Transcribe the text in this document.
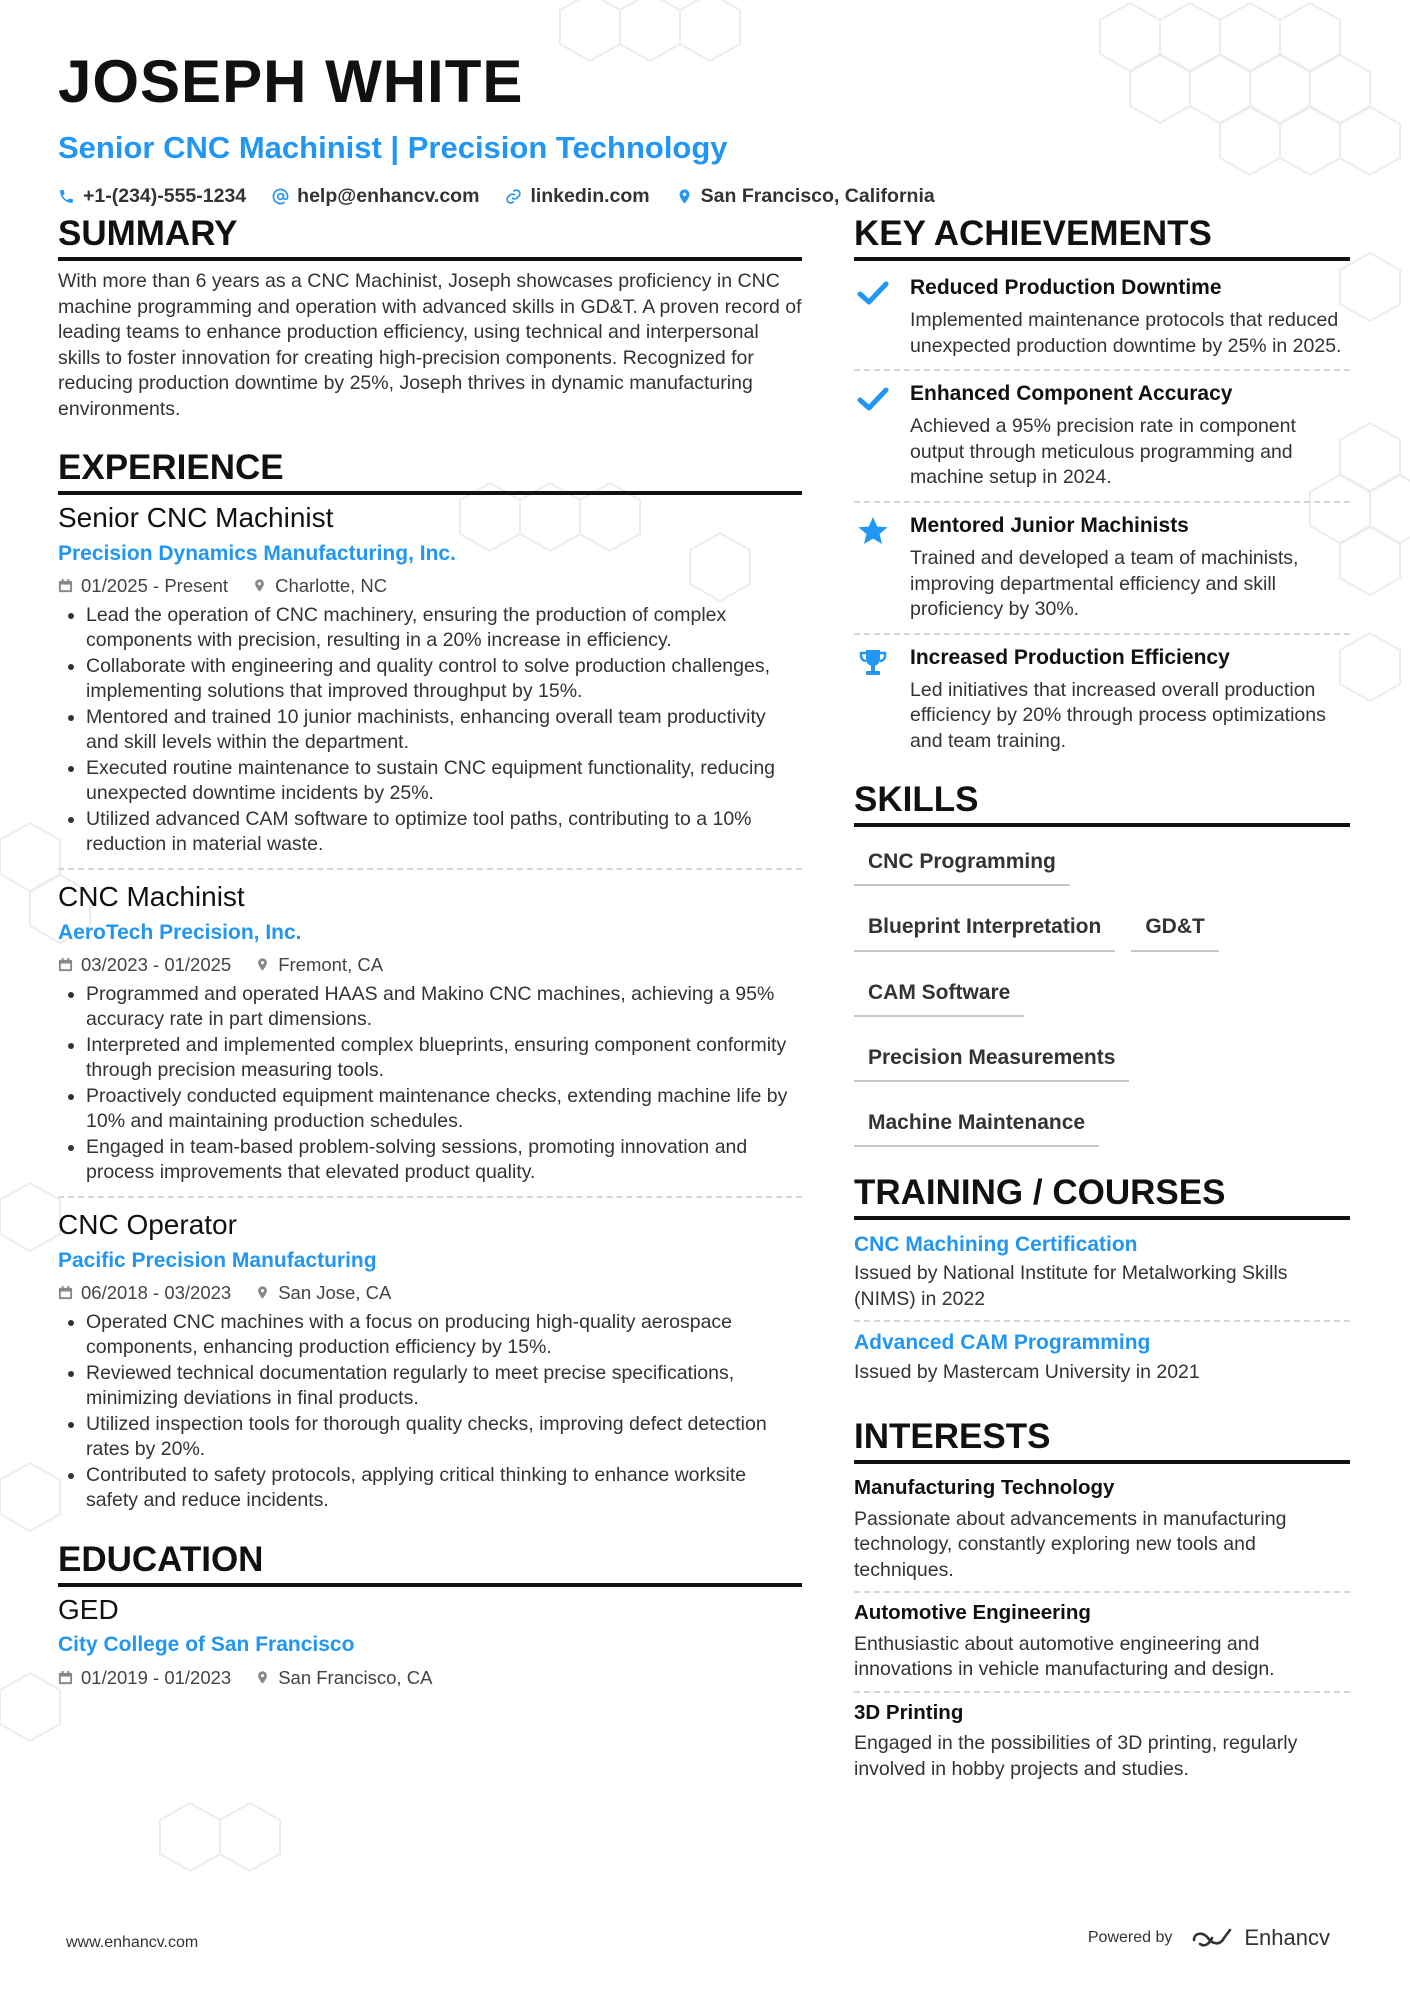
JOSEPH WHITE
Senior CNC Machinist | Precision Technology
+1-(234)-555-1234	help@enhancv.com	linkedin.com	San Francisco, California
SUMMARY
With more than 6 years as a CNC Machinist, Joseph showcases proficiency in CNC machine programming and operation with advanced skills in GD&T. A proven record of leading teams to enhance production efficiency, using technical and interpersonal skills to foster innovation for creating high-precision components. Recognized for reducing production downtime by 25%, Joseph thrives in dynamic manufacturing environments.
EXPERIENCE
Senior CNC Machinist
Precision Dynamics Manufacturing, Inc.
01/2025 - Present	Charlotte, NC
• Lead the operation of CNC machinery, ensuring the production of complex components with precision, resulting in a 20% increase in efficiency.
• Collaborate with engineering and quality control to solve production challenges, implementing solutions that improved throughput by 15%.
• Mentored and trained 10 junior machinists, enhancing overall team productivity and skill levels within the department.
• Executed routine maintenance to sustain CNC equipment functionality, reducing unexpected downtime incidents by 25%.
• Utilized advanced CAM software to optimize tool paths, contributing to a 10% reduction in material waste.
CNC Machinist
AeroTech Precision, Inc.
03/2023 - 01/2025	Fremont, CA
• Programmed and operated HAAS and Makino CNC machines, achieving a 95% accuracy rate in part dimensions.
• Interpreted and implemented complex blueprints, ensuring component conformity through precision measuring tools.
• Proactively conducted equipment maintenance checks, extending machine life by 10% and maintaining production schedules.
• Engaged in team-based problem-solving sessions, promoting innovation and process improvements that elevated product quality.
CNC Operator
Pacific Precision Manufacturing
06/2018 - 03/2023	San Jose, CA
• Operated CNC machines with a focus on producing high-quality aerospace components, enhancing production efficiency by 15%.
• Reviewed technical documentation regularly to meet precise specifications, minimizing deviations in final products.
• Utilized inspection tools for thorough quality checks, improving defect detection rates by 20%.
• Contributed to safety protocols, applying critical thinking to enhance worksite safety and reduce incidents.
EDUCATION
GED
City College of San Francisco
01/2019 - 01/2023	San Francisco, CA
KEY ACHIEVEMENTS
Reduced Production Downtime
Implemented maintenance protocols that reduced unexpected production downtime by 25% in 2025.
Enhanced Component Accuracy
Achieved a 95% precision rate in component output through meticulous programming and machine setup in 2024.
Mentored Junior Machinists
Trained and developed a team of machinists, improving departmental efficiency and skill proficiency by 30%.
Increased Production Efficiency
Led initiatives that increased overall production efficiency by 20% through process optimizations and team training.
SKILLS
CNC Programming
Blueprint Interpretation	GD&T
CAM Software
Precision Measurements
Machine Maintenance
TRAINING / COURSES
CNC Machining Certification
Issued by National Institute for Metalworking Skills (NIMS) in 2022
Advanced CAM Programming
Issued by Mastercam University in 2021
INTERESTS
Manufacturing Technology
Passionate about advancements in manufacturing technology, constantly exploring new tools and techniques.
Automotive Engineering
Enthusiastic about automotive engineering and innovations in vehicle manufacturing and design.
3D Printing
Engaged in the possibilities of 3D printing, regularly involved in hobby projects and studies.
www.enhancv.com	Powered by	Enhancv
